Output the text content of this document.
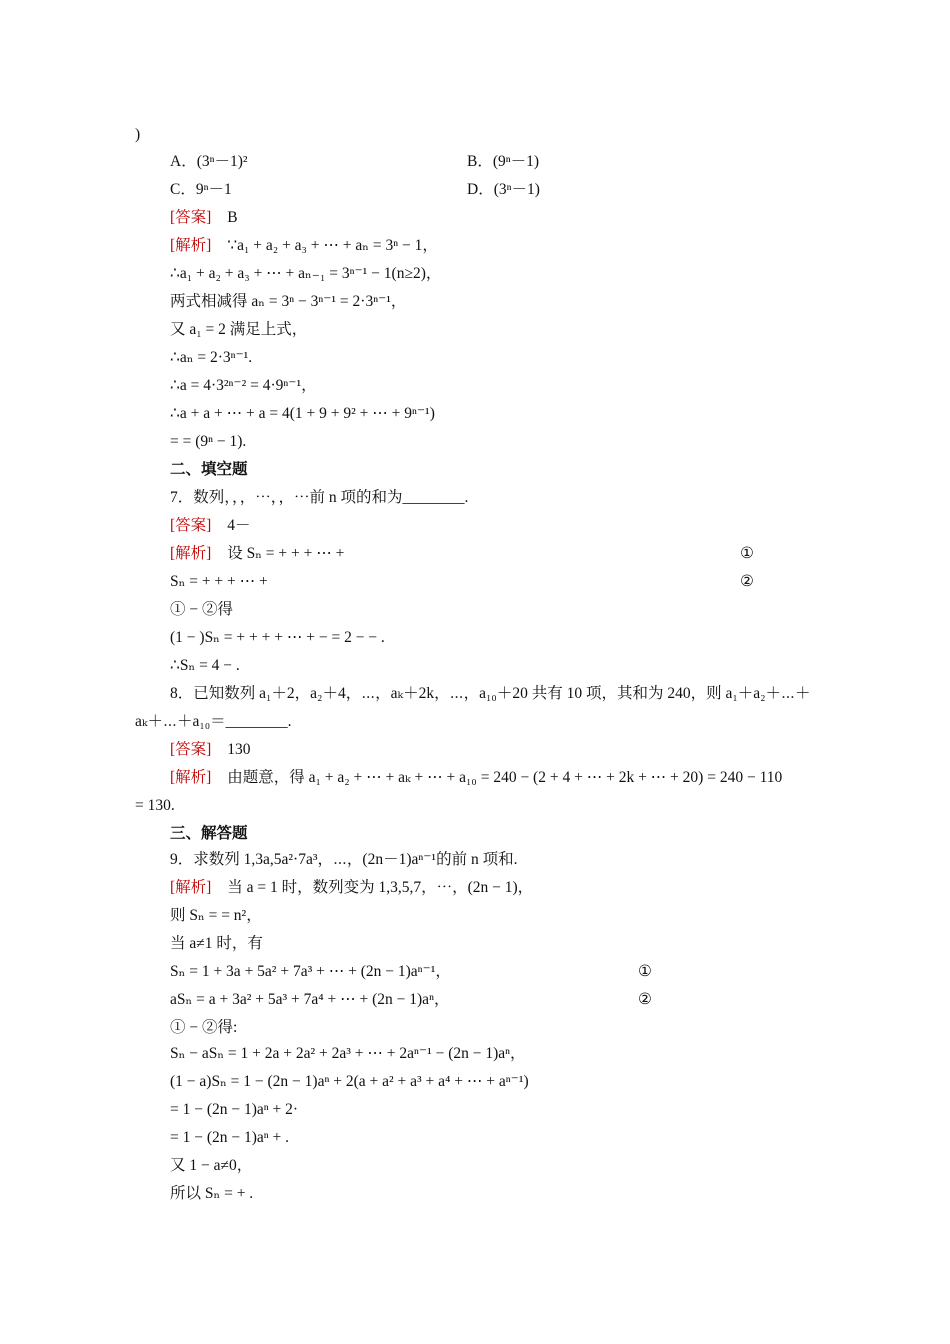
)
A．(3ⁿ－1)²	B．(9ⁿ－1)
C．9ⁿ－1	D．(3ⁿ－1)
[答案] B
[解析] ∵a₁ + a₂ + a₃ + ⋯ + aₙ = 3ⁿ − 1，
∴a₁ + a₂ + a₃ + ⋯ + aₙ₋₁ = 3ⁿ⁻¹ − 1(n≥2)，
两式相减得 aₙ = 3ⁿ − 3ⁿ⁻¹ = 2·3ⁿ⁻¹，
又 a₁ = 2 满足上式，
∴aₙ = 2·3ⁿ⁻¹.
∴a = 4·3²ⁿ⁻² = 4·9ⁿ⁻¹，
∴a + a + ⋯ + a = 4(1 + 9 + 9² + ⋯ + 9ⁿ⁻¹)
= = (9ⁿ − 1).
二、填空题
7．数列，，，⋯，，⋯前 n 项的和为________.
[答案] 4－
[解析] 设 Sₙ = + + + ⋯ +	①
Sₙ = + + + ⋯ +	②
① − ②得
(1 − )Sₙ = + + + + ⋯ + − = 2 − − .
∴Sₙ = 4 − .
8．已知数列 a₁＋2，a₂＋4，⋯，aₖ＋2k，⋯，a₁₀＋20 共有 10 项，其和为 240，则 a₁＋a₂＋⋯＋
aₖ＋⋯＋a₁₀＝________.
[答案] 130
[解析] 由题意，得 a₁ + a₂ + ⋯ + aₖ + ⋯ + a₁₀ = 240 − (2 + 4 + ⋯ + 2k + ⋯ + 20) = 240 − 110
= 130.
三、解答题
9．求数列 1,3a,5a²·7a³，⋯，(2n－1)aⁿ⁻¹的前 n 项和.
[解析] 当 a = 1 时，数列变为 1,3,5,7，⋯，(2n − 1)，
则 Sₙ = = n²，
当 a≠1 时，有
Sₙ = 1 + 3a + 5a² + 7a³ + ⋯ + (2n − 1)aⁿ⁻¹，	①
aSₙ = a + 3a² + 5a³ + 7a⁴ + ⋯ + (2n − 1)aⁿ，	②
① − ②得:
Sₙ − aSₙ = 1 + 2a + 2a² + 2a³ + ⋯ + 2aⁿ⁻¹ − (2n − 1)aⁿ，
(1 − a)Sₙ = 1 − (2n − 1)aⁿ + 2(a + a² + a³ + a⁴ + ⋯ + aⁿ⁻¹)
= 1 − (2n − 1)aⁿ + 2·
= 1 − (2n − 1)aⁿ + .
又 1 − a≠0，
所以 Sₙ = + .
